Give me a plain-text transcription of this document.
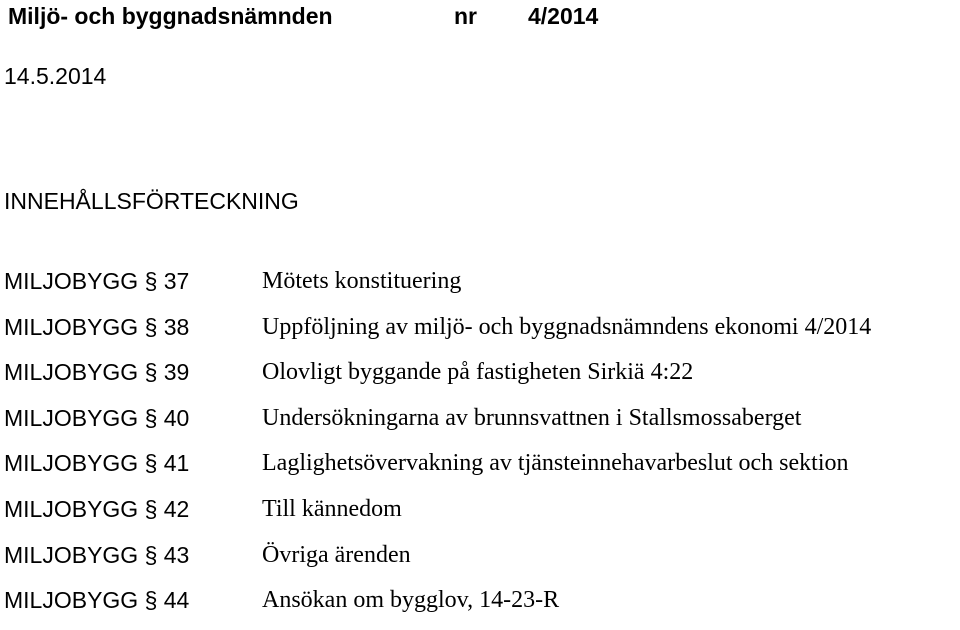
Miljö- och byggnadsnämnden	nr 4/2014
14.5.2014
INNEHÅLLSFÖRTECKNING
MILJOBYGG § 37	Mötets konstituering
MILJOBYGG § 38	Uppföljning av miljö- och byggnadsnämndens ekonomi 4/2014
MILJOBYGG § 39	Olovligt byggande på fastigheten Sirkiä 4:22
MILJOBYGG § 40	Undersökningarna av brunnsvattnen i Stallsmossaberget
MILJOBYGG § 41	Laglighetsövervakning av tjänsteinnehavarbeslut och sektion
MILJOBYGG § 42	Till kännedom
MILJOBYGG § 43	Övriga ärenden
MILJOBYGG § 44	Ansökan om bygglov, 14-23-R
